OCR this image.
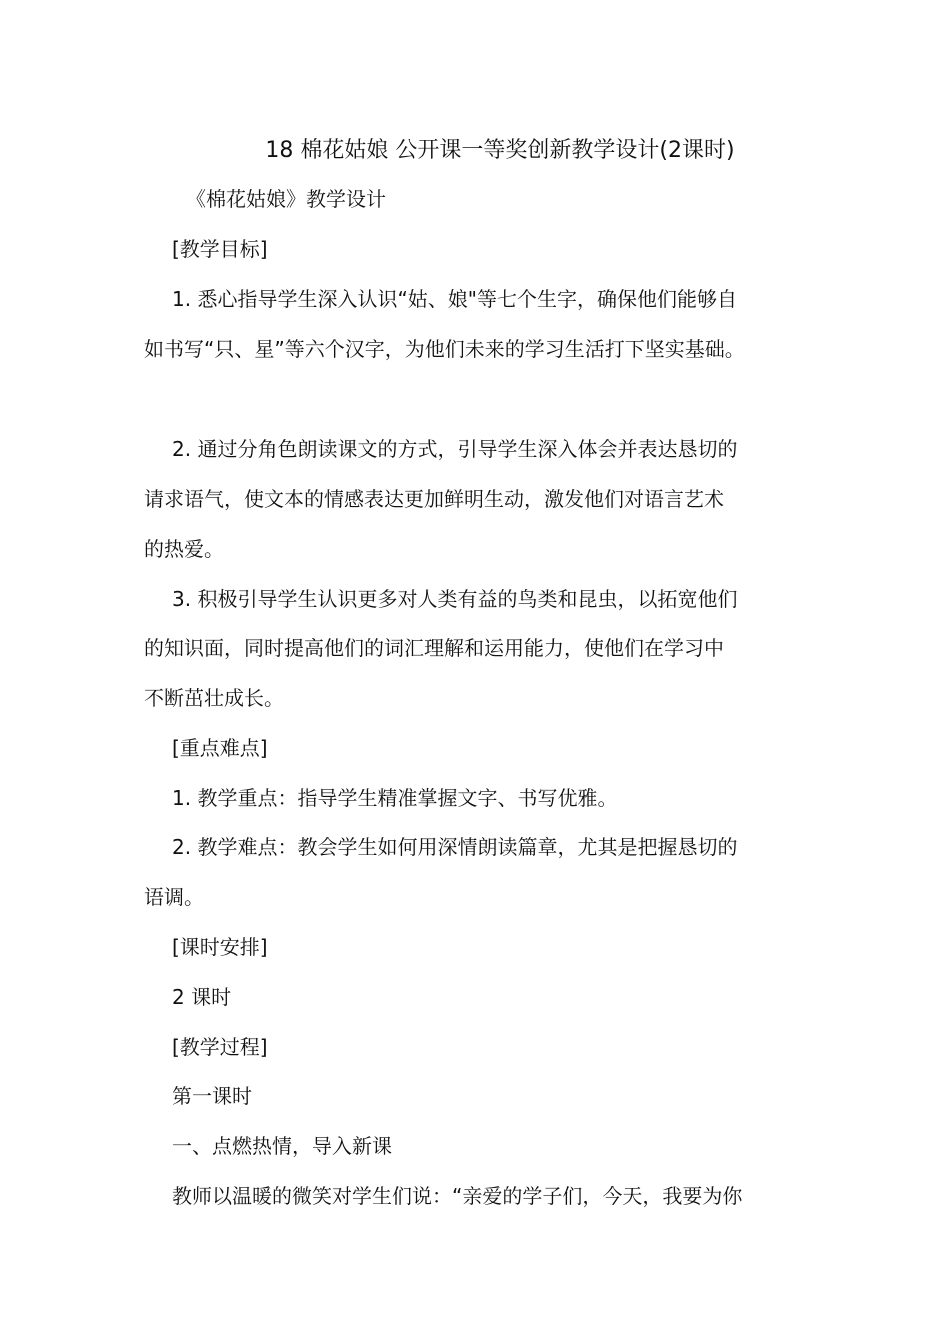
18 棉花姑娘 公开课一等奖创新教学设计(2课时)
《棉花姑娘》教学设计
[教学目标]
1. 悉心指导学生深入认识“姑、娘"等七个生字，确保他们能够自
如书写“只、星”等六个汉字，为他们未来的学习生活打下坚实基础。
2. 通过分角色朗读课文的方式，引导学生深入体会并表达恳切的
请求语气，使文本的情感表达更加鲜明生动，激发他们对语言艺术
的热爱。
3. 积极引导学生认识更多对人类有益的鸟类和昆虫，以拓宽他们
的知识面，同时提高他们的词汇理解和运用能力，使他们在学习中
不断茁壮成长。
[重点难点]
1. 教学重点：指导学生精准掌握文字、书写优雅。
2. 教学难点：教会学生如何用深情朗读篇章，尤其是把握恳切的
语调。
[课时安排]
2 课时
[教学过程]
第一课时
一、点燃热情，导入新课
教师以温暖的微笑对学生们说：“亲爱的学子们，今天，我要为你
